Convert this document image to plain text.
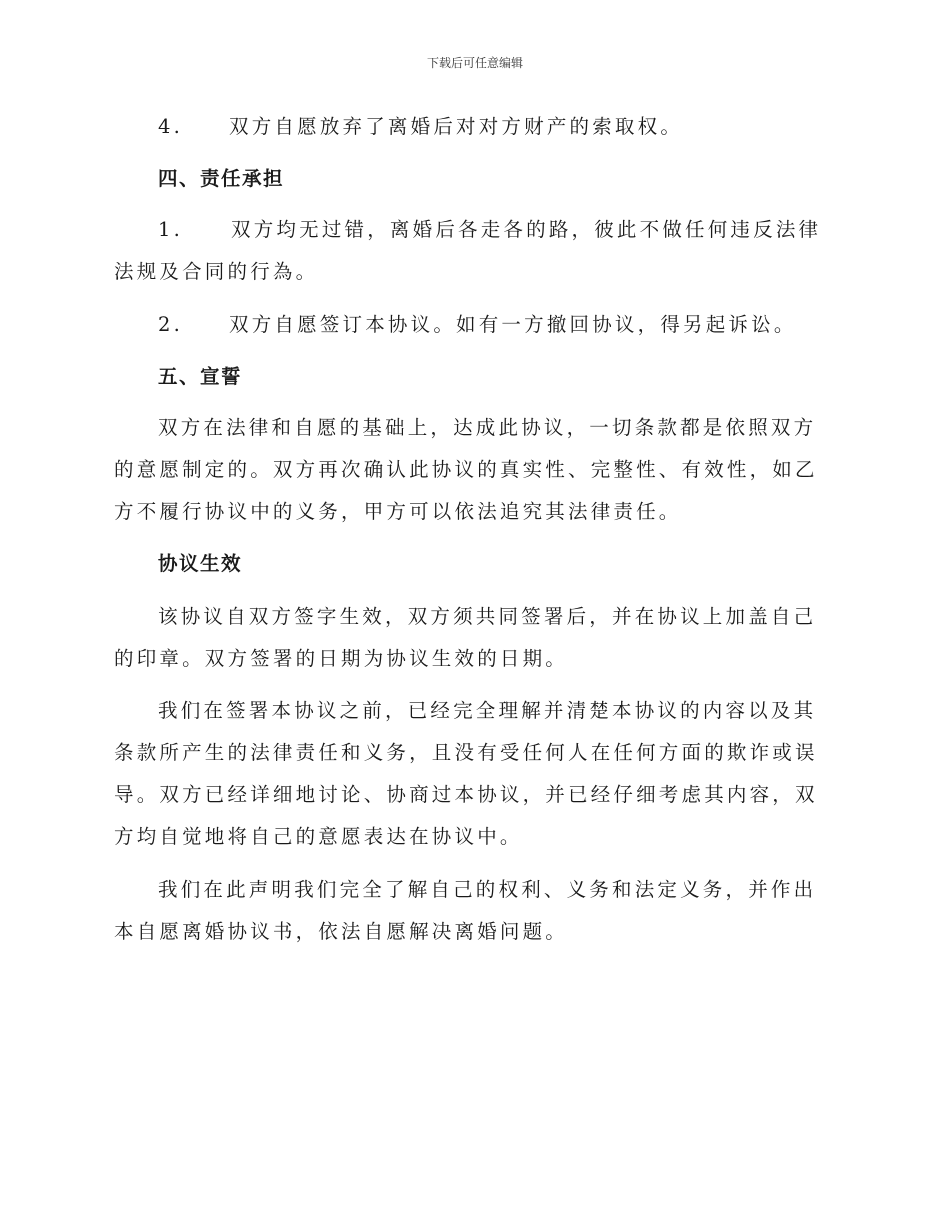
下载后可任意编辑
4. 双方自愿放弃了离婚后对对方财产的索取权。
四、责任承担
1. 双方均无过错，离婚后各走各的路，彼此不做任何违反法律法规及合同的行為。
2. 双方自愿签订本协议。如有一方撤回协议，得另起诉讼。
五、宣誓
双方在法律和自愿的基础上，达成此协议，一切条款都是依照双方的意愿制定的。双方再次确认此协议的真实性、完整性、有效性，如乙方不履行协议中的义务，甲方可以依法追究其法律责任。
协议生效
该协议自双方签字生效，双方须共同签署后，并在协议上加盖自己的印章。双方签署的日期为协议生效的日期。
我们在签署本协议之前，已经完全理解并清楚本协议的内容以及其条款所产生的法律责任和义务，且没有受任何人在任何方面的欺诈或误导。双方已经详细地讨论、协商过本协议，并已经仔细考虑其内容，双方均自觉地将自己的意愿表达在协议中。
我们在此声明我们完全了解自己的权利、义务和法定义务，并作出本自愿离婚协议书，依法自愿解决离婚问题。
